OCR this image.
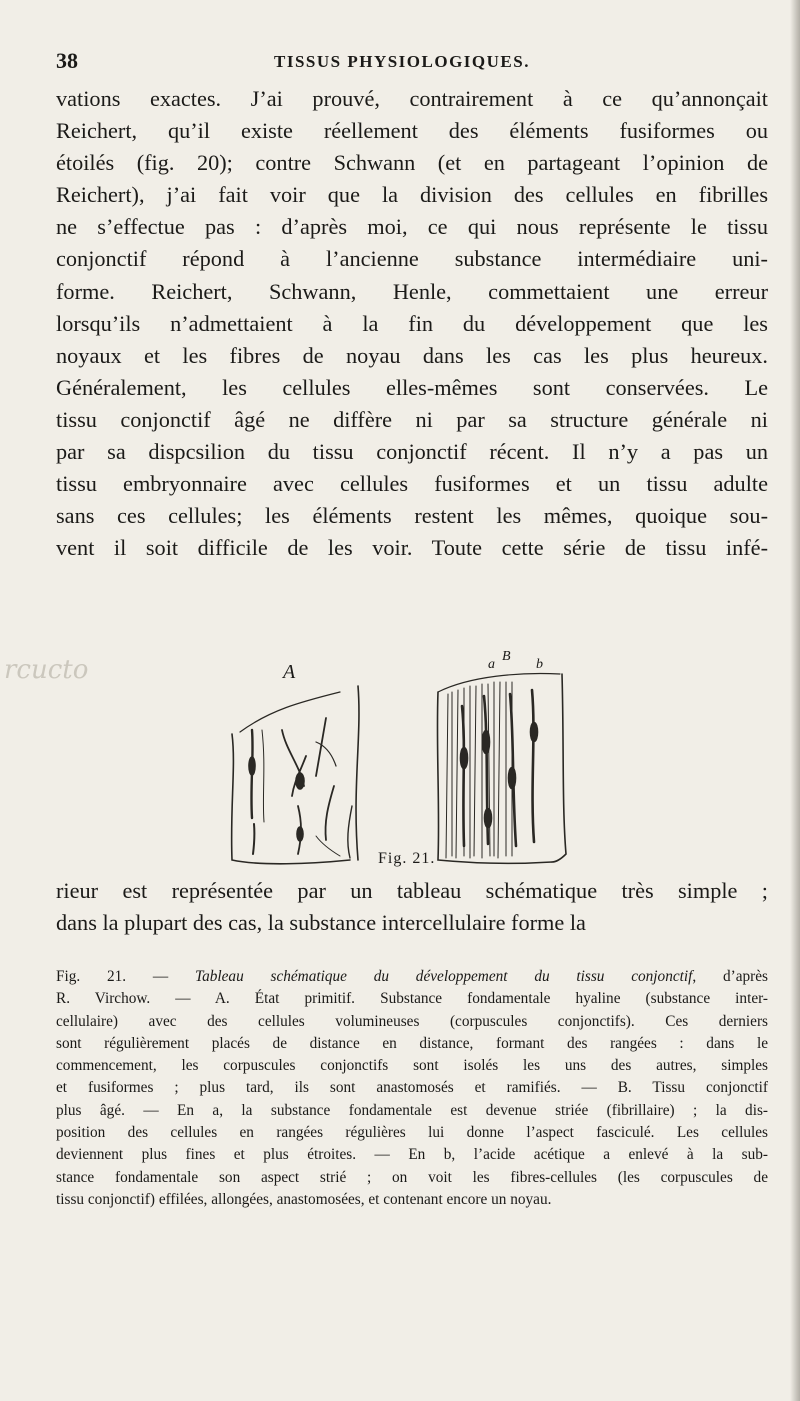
38	TISSUS PHYSIOLOGIQUES.
vations exactes. J’ai prouvé, contrairement à ce qu’annonçait
Reichert, qu’il existe réellement des éléments fusiformes ou
étoilés (fig. 20); contre Schwann (et en partageant l’opinion de
Reichert), j’ai fait voir que la division des cellules en fibrilles
ne s’effectue pas : d’après moi, ce qui nous représente le tissu
conjonctif répond à l’ancienne substance intermédiaire uni-
forme. Reichert, Schwann, Henle, commettaient une erreur
lorsqu’ils n’admettaient à la fin du développement que les
noyaux et les fibres de noyau dans les cas les plus heureux.
Généralement, les cellules elles-mêmes sont conservées. Le
tissu conjonctif âgé ne diffère ni par sa structure générale ni
par sa dispcsilion du tissu conjonctif récent. Il n’y a pas un
tissu embryonnaire avec cellules fusiformes et un tissu adulte
sans ces cellules; les éléments restent les mêmes, quoique sou-
vent il soit difficile de les voir. Toute cette série de tissu infé-
rcucto	A	a
B
b
Fig. 21.
rieur est représentée par un tableau schématique très simple ;
dans la plupart des cas, la substance intercellulaire forme la
Fig. 21. — Tableau schématique du développement du tissu conjonctif, d’après
R. Virchow. — A. État primitif. Substance fondamentale hyaline (substance inter-
cellulaire) avec des cellules volumineuses (corpuscules conjonctifs). Ces derniers
sont régulièrement placés de distance en distance, formant des rangées : dans le
commencement, les corpuscules conjonctifs sont isolés les uns des autres, simples
et fusiformes ; plus tard, ils sont anastomosés et ramifiés. — B. Tissu conjonctif
plus âgé. — En a, la substance fondamentale est devenue striée (fibrillaire) ; la dis-
position des cellules en rangées régulières lui donne l’aspect fasciculé. Les cellules
deviennent plus fines et plus étroites. — En b, l’acide acétique a enlevé à la sub-
stance fondamentale son aspect strié ; on voit les fibres-cellules (les corpuscules de
tissu conjonctif) effilées, allongées, anastomosées, et contenant encore un noyau.
